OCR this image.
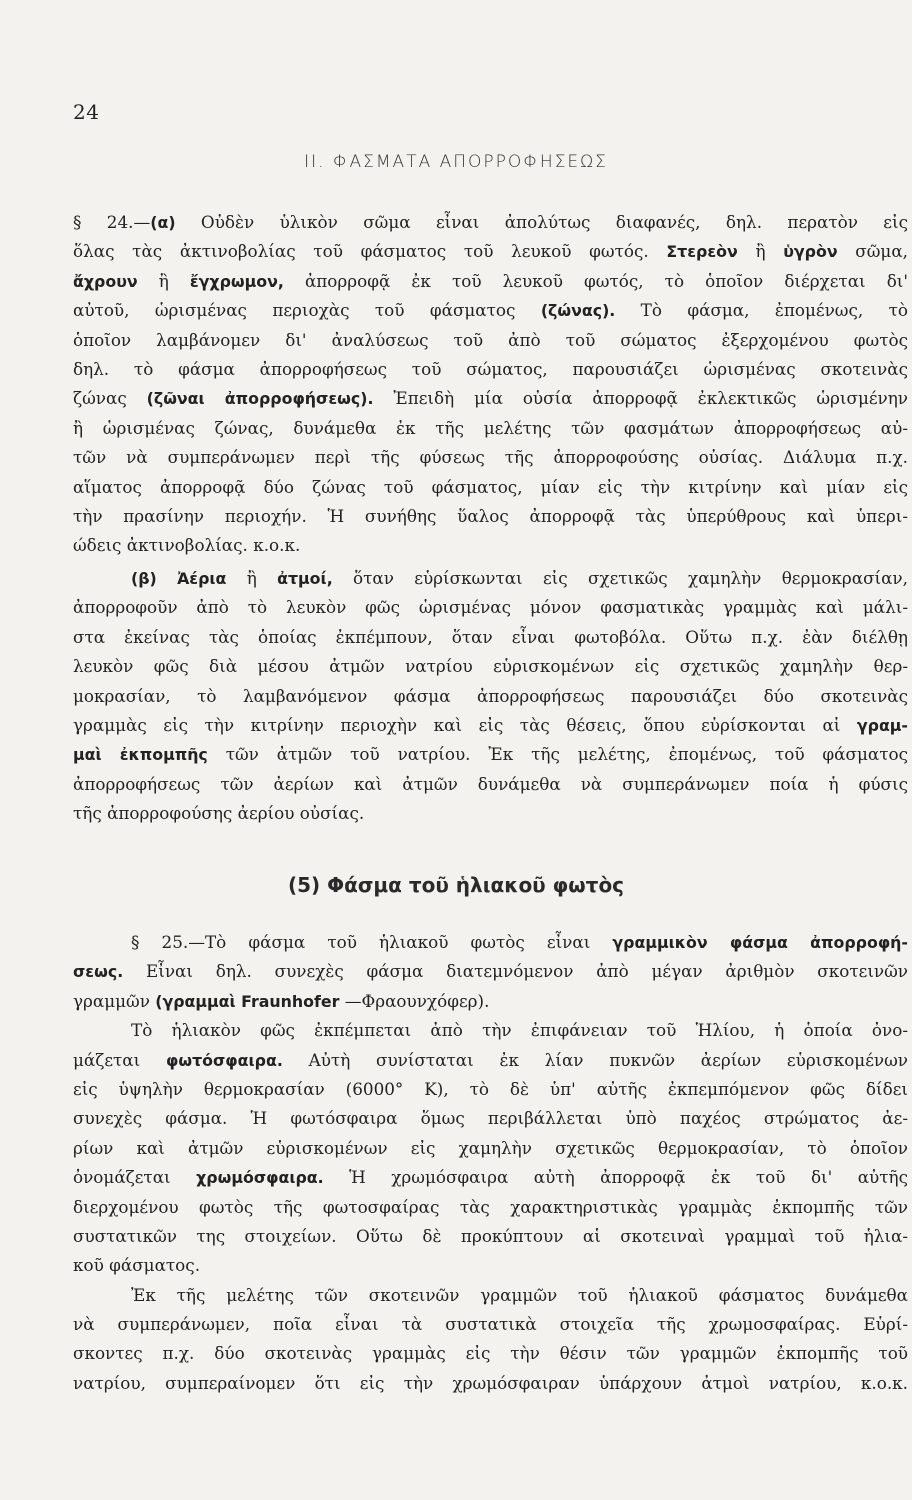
24
II. ΦΑΣΜΑΤΑ ΑΠΟΡΡΟΦΗΣΕΩΣ
§ 24.—(α) Οὐδὲν ὑλικὸν σῶμα εἶναι ἀπολύτως διαφανές, δηλ. περατὸν εἰς
ὅλας τὰς ἀκτινοβολίας τοῦ φάσματος τοῦ λευκοῦ φωτός. Στερεὸν ἢ ὑγρὸν σῶμα,
ἄχρουν ἢ ἔγχρωμον, ἀπορροφᾷ ἐκ τοῦ λευκοῦ φωτός, τὸ ὁποῖον διέρχεται δι'
αὐτοῦ, ὡρισμένας περιοχὰς τοῦ φάσματος (ζώνας). Τὸ φάσμα, ἐπομένως, τὸ
ὁποῖον λαμβάνομεν δι' ἀναλύσεως τοῦ ἀπὸ τοῦ σώματος ἐξερχομένου φωτὸς
δηλ. τὸ φάσμα ἀπορροφήσεως τοῦ σώματος, παρουσιάζει ὡρισμένας σκοτεινὰς
ζώνας (ζῶναι ἀπορροφήσεως). Ἐπειδὴ μία οὐσία ἀπορροφᾷ ἐκλεκτικῶς ὡρισμένην
ἢ ὡρισμένας ζώνας, δυνάμεθα ἐκ τῆς μελέτης τῶν φασμάτων ἀπορροφήσεως αὐ-
τῶν νὰ συμπεράνωμεν περὶ τῆς φύσεως τῆς ἀπορροφούσης οὐσίας. Διάλυμα π.χ.
αἵματος ἀπορροφᾷ δύο ζώνας τοῦ φάσματος, μίαν εἰς τὴν κιτρίνην καὶ μίαν εἰς
τὴν πρασίνην περιοχήν. Ἡ συνήθης ὕαλος ἀπορροφᾷ τὰς ὑπερύθρους καὶ ὑπερι-
ώδεις ἀκτινοβολίας. κ.ο.κ.
(β) Ἀέρια ἢ ἀτμοί, ὅταν εὑρίσκωνται εἰς σχετικῶς χαμηλὴν θερμοκρασίαν,
ἀπορροφοῦν ἀπὸ τὸ λευκὸν φῶς ὡρισμένας μόνον φασματικὰς γραμμὰς καὶ μάλι-
στα ἐκείνας τὰς ὁποίας ἐκπέμπουν, ὅταν εἶναι φωτοβόλα. Οὕτω π.χ. ἐὰν διέλθῃ
λευκὸν φῶς διὰ μέσου ἀτμῶν νατρίου εὑρισκομένων εἰς σχετικῶς χαμηλὴν θερ-
μοκρασίαν, τὸ λαμβανόμενον φάσμα ἀπορροφήσεως παρουσιάζει δύο σκοτεινὰς
γραμμὰς εἰς τὴν κιτρίνην περιοχὴν καὶ εἰς τὰς θέσεις, ὅπου εὑρίσκονται αἱ γραμ-
μαὶ ἐκπομπῆς τῶν ἀτμῶν τοῦ νατρίου. Ἐκ τῆς μελέτης, ἐπομένως, τοῦ φάσματος
ἀπορροφήσεως τῶν ἀερίων καὶ ἀτμῶν δυνάμεθα νὰ συμπεράνωμεν ποία ἡ φύσις
τῆς ἀπορροφούσης ἀερίου οὐσίας.
(5) Φάσμα τοῦ ἡλιακοῦ φωτὸς
§ 25.—Τὸ φάσμα τοῦ ἡλιακοῦ φωτὸς εἶναι γραμμικὸν φάσμα ἀπορροφή-
σεως. Εἶναι δηλ. συνεχὲς φάσμα διατεμνόμενον ἀπὸ μέγαν ἀριθμὸν σκοτεινῶν
γραμμῶν (γραμμαὶ Fraunhofer —Φραουνχόφερ).
Τὸ ἡλιακὸν φῶς ἐκπέμπεται ἀπὸ τὴν ἐπιφάνειαν τοῦ Ἡλίου, ἡ ὁποία ὀνο-
μάζεται φωτόσφαιρα. Αὐτὴ συνίσταται ἐκ λίαν πυκνῶν ἀερίων εὑρισκομένων
εἰς ὑψηλὴν θερμοκρασίαν (6000° K), τὸ δὲ ὑπ' αὐτῆς ἐκπεμπόμενον φῶς δίδει
συνεχὲς φάσμα. Ἡ φωτόσφαιρα ὅμως περιβάλλεται ὑπὸ παχέος στρώματος ἀε-
ρίων καὶ ἀτμῶν εὑρισκομένων εἰς χαμηλὴν σχετικῶς θερμοκρασίαν, τὸ ὁποῖον
ὀνομάζεται χρωμόσφαιρα. Ἡ χρωμόσφαιρα αὐτὴ ἀπορροφᾷ ἐκ τοῦ δι' αὐτῆς
διερχομένου φωτὸς τῆς φωτοσφαίρας τὰς χαρακτηριστικὰς γραμμὰς ἐκπομπῆς τῶν
συστατικῶν της στοιχείων. Οὕτω δὲ προκύπτουν αἱ σκοτειναὶ γραμμαὶ τοῦ ἡλια-
κοῦ φάσματος.
Ἐκ τῆς μελέτης τῶν σκοτεινῶν γραμμῶν τοῦ ἡλιακοῦ φάσματος δυνάμεθα
νὰ συμπεράνωμεν, ποῖα εἶναι τὰ συστατικὰ στοιχεῖα τῆς χρωμοσφαίρας. Εὑρί-
σκοντες π.χ. δύο σκοτεινὰς γραμμὰς εἰς τὴν θέσιν τῶν γραμμῶν ἐκπομπῆς τοῦ
νατρίου, συμπεραίνομεν ὅτι εἰς τὴν χρωμόσφαιραν ὑπάρχουν ἀτμοὶ νατρίου, κ.ο.κ.
